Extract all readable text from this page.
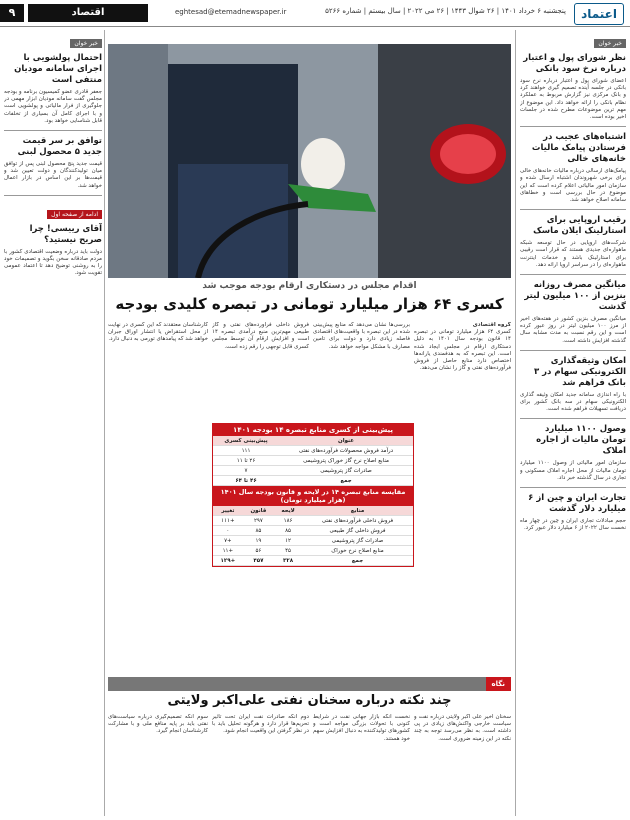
اعتماد
پنجشنبه ۶ خرداد ۱۴۰۱ | ۲۶ شوال ۱۴۴۳ | ۲۶ می ۲۰۲۲ | سال بیستم | شماره ۵۲۶۶
eghtesad@etemadnewspaper.ir
اقتصاد
۹
خبر خوان
نظر شورای پول و اعتبار درباره نرخ سود بانکی
اعضای شورای پول و اعتبار درباره نرخ سود بانکی در جلسه آینده تصمیم گیری خواهند کرد و بانک مرکزی نیز گزارش مربوط به عملکرد نظام بانکی را ارائه خواهد داد. این موضوع از مهم ترین موضوعات مطرح شده در جلسات اخیر بوده است.
اشتباه‌های عجیب در فرستادن پیامک مالیات خانه‌های خالی
پیامک‌های ارسالی درباره مالیات خانه‌های خالی برای برخی شهروندان اشتباه ارسال شده و سازمان امور مالیاتی اعلام کرده است که این موضوع در حال بررسی است و خطاهای سامانه اصلاح خواهد شد.
رقیب اروپایی برای استارلینک ایلان ماسک
شرکت‌های اروپایی در حال توسعه شبکه ماهواره‌ای جدیدی هستند که قرار است رقیبی برای استارلینک باشد و خدمات اینترنت ماهواره‌ای را در سراسر اروپا ارائه دهد.
میانگین مصرف روزانه بنزین از ۱۰۰ میلیون لیتر گذشت
میانگین مصرف بنزین کشور در هفته‌های اخیر از مرز ۱۰۰ میلیون لیتر در روز عبور کرده است و این رقم نسبت به مدت مشابه سال گذشته افزایش داشته است.
امکان وثیقه‌گذاری الکترونیکی سهام در ۳ بانک فراهم شد
با راه اندازی سامانه جدید امکان وثیقه گذاری الکترونیکی سهام در سه بانک کشور برای دریافت تسهیلات فراهم شده است.
وصول ۱۱۰۰ میلیارد تومان مالیات از اجاره املاک
سازمان امور مالیاتی از وصول ۱۱۰۰ میلیارد تومان مالیات از محل اجاره املاک مسکونی و تجاری در سال گذشته خبر داد.
تجارت ایران و چین از ۶ میلیارد دلار گذشت
حجم مبادلات تجاری ایران و چین در چهار ماه نخست سال ۲۰۲۲ از ۶ میلیارد دلار عبور کرد.
خبر خوان
احتمال پولشویی با اجرای سامانه مودیان منتفی است
جعفر قادری عضو کمیسیون برنامه و بودجه مجلس گفت سامانه مودیان ابزار مهمی در جلوگیری از فرار مالیاتی و پولشویی است و با اجرای کامل آن بسیاری از تخلفات قابل شناسایی خواهد بود.
توافق بر سر قیمت جدید ۵ محصول لبنی
قیمت جدید پنج محصول لبنی پس از توافق میان تولیدکنندگان و دولت تعیین شد و قیمت‌ها بر این اساس در بازار اعمال خواهد شد.
ادامه از صفحه اول
آقای رییسی! چرا صریح نیستید؟
دولت باید درباره وضعیت اقتصادی کشور با مردم صادقانه سخن بگوید و تصمیمات خود را به روشنی توضیح دهد تا اعتماد عمومی تقویت شود.
اقدام مجلس در دستکاری ارقام بودجه موجب شد
کسری ۶۴ هزار میلیارد تومانی در تبصره کلیدی بودجه
گروه اقتصادی
کسری ۶۴ هزار میلیارد تومانی در تبصره ۱۴ قانون بودجه سال ۱۴۰۱ به دلیل دستکاری ارقام در مجلس ایجاد شده است. این تبصره که به هدفمندی یارانه‌ها اختصاص دارد منابع حاصل از فروش فرآورده‌های نفتی و گاز را نشان می‌دهد.
بررسی‌ها نشان می‌دهد که منابع پیش‌بینی شده در این تبصره با واقعیت‌های اقتصادی فاصله زیادی دارد و دولت برای تامین مصارف با مشکل مواجه خواهد شد.
فروش داخلی فرآورده‌های نفتی و گاز طبیعی مهم‌ترین منبع درآمدی تبصره ۱۴ است و افزایش ارقام آن توسط مجلس کسری قابل توجهی را رقم زده است.
کارشناسان معتقدند که این کسری در نهایت از محل استقراض یا انتشار اوراق جبران خواهد شد که پیامدهای تورمی به دنبال دارد.
پیش‌بینی از کسری منابع تبصره ۱۴ بودجه ۱۴۰۱
عنوان	پیش‌بینی کسری
درآمد فروش محصولات فرآورده‌های نفتی	۱۱۱
منابع اصلاح نرخ گاز خوراک پتروشیمی	۲۶ تا ۱۱
صادرات گاز پتروشیمی	۷
جمع	۴۶ تا ۶۴
مقایسه منابع تبصره ۱۴ در لایحه و قانون بودجه سال ۱۴۰۱ (هزار میلیارد تومان)
منابع	لایحه	قانون	تغییر
فروش داخلی فرآورده‌های نفتی	۱۸۶	۲۹۷	+۱۱۱
فروش داخلی گاز طبیعی	۸۵	۸۵	۰
صادرات گاز پتروشیمی	۱۲	۱۹	+۷
منابع اصلاح نرخ خوراک	۴۵	۵۶	+۱۱
جمع	۳۲۸	۴۵۷	+۱۲۹
نگاه
چند نکته درباره سخنان نفتی علی‌اکبر ولایتی
سخنان اخیر علی اکبر ولایتی درباره نفت و سیاست خارجی واکنش‌های زیادی در پی داشته است. به نظر می‌رسد توجه به چند نکته در این زمینه ضروری است.
نخست آنکه بازار جهانی نفت در شرایط کنونی با تحولات بزرگی مواجه است و کشورهای تولیدکننده به دنبال افزایش سهم خود هستند.
دوم آنکه صادرات نفت ایران تحت تاثیر تحریم‌ها قرار دارد و هرگونه تحلیل باید با در نظر گرفتن این واقعیت انجام شود.
سوم آنکه تصمیم‌گیری درباره سیاست‌های نفتی باید بر پایه منافع ملی و با مشارکت کارشناسان انجام گیرد.
